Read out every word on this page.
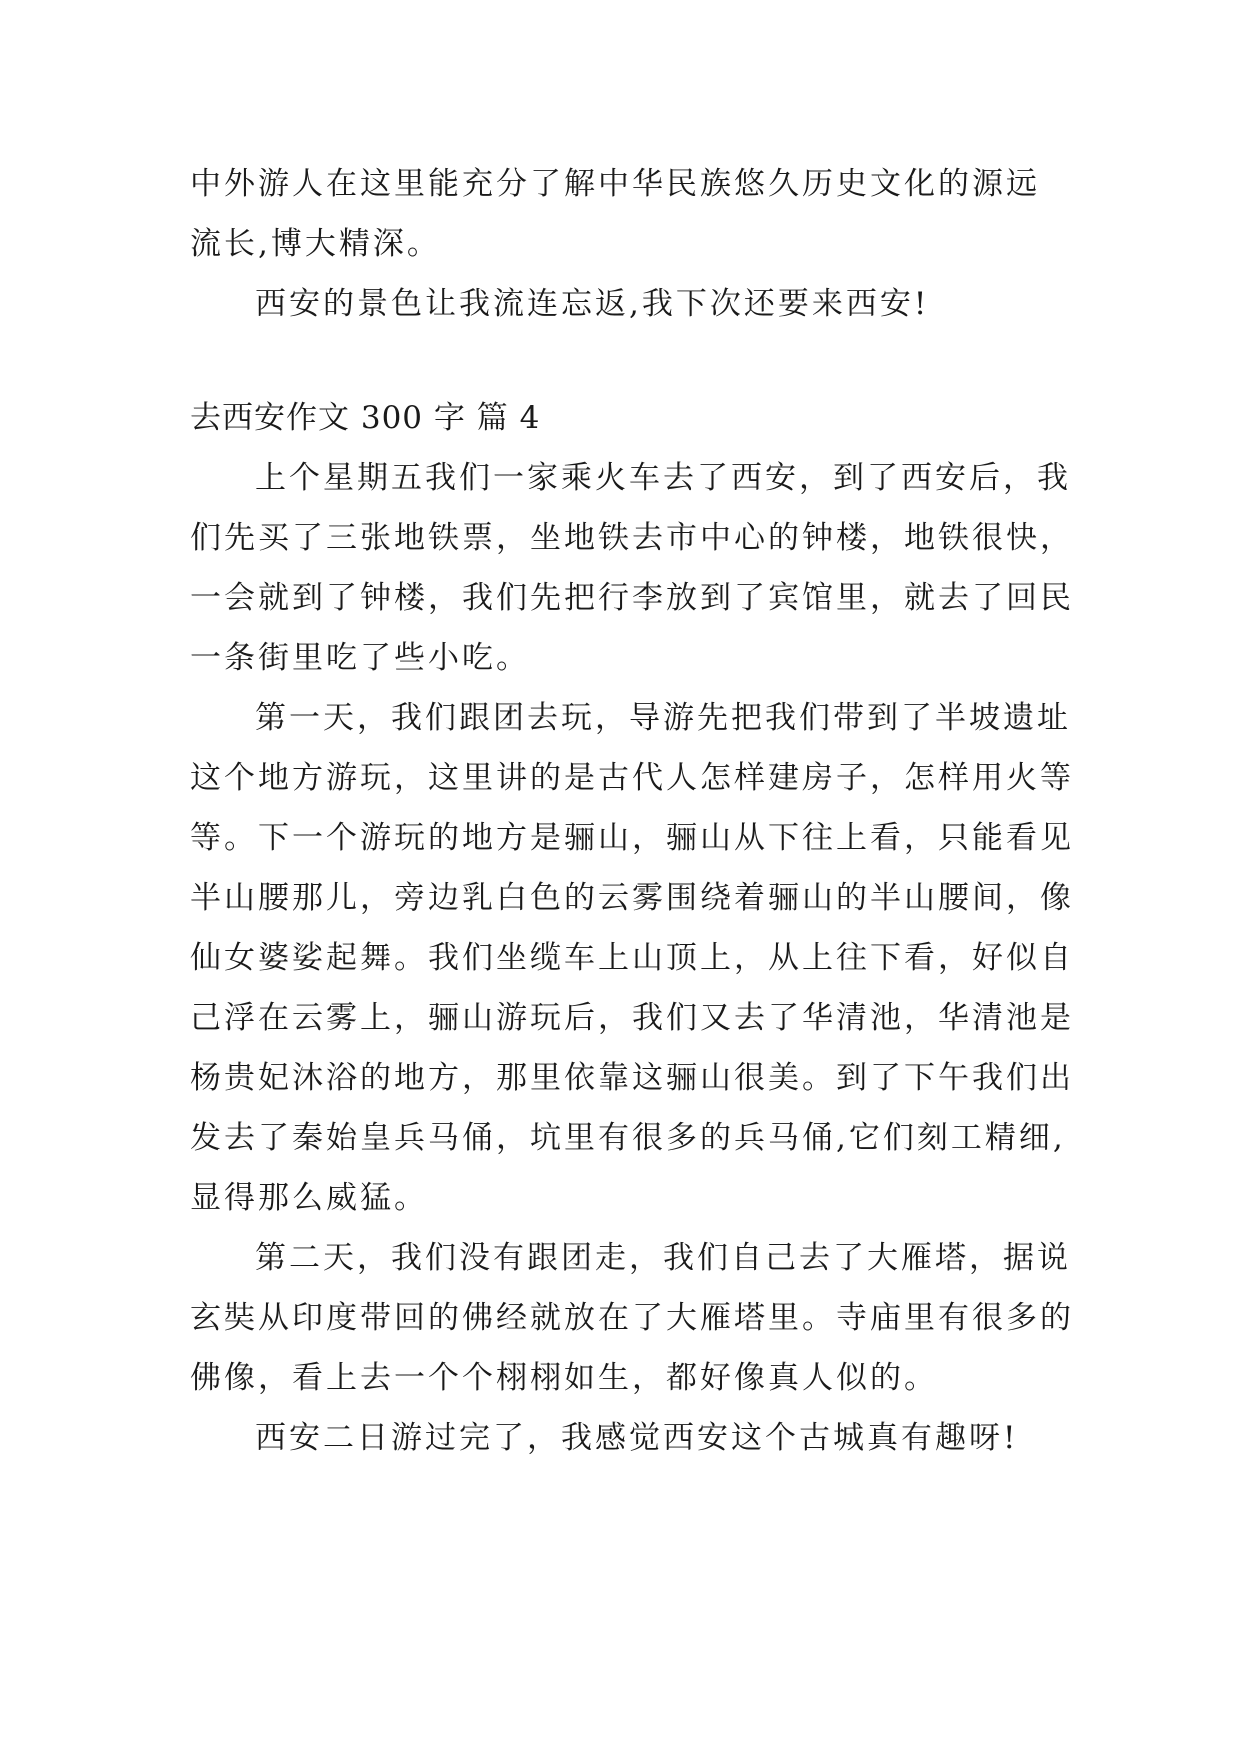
中外游人在这里能充分了解中华民族悠久历史文化的源远
流长,博大精深。
西安的景色让我流连忘返,我下次还要来西安!
去西安作文 300 字 篇 4
上个星期五我们一家乘火车去了西安，到了西安后，我
们先买了三张地铁票，坐地铁去市中心的钟楼，地铁很快，
一会就到了钟楼，我们先把行李放到了宾馆里，就去了回民
一条街里吃了些小吃。
第一天，我们跟团去玩，导游先把我们带到了半坡遗址
这个地方游玩，这里讲的是古代人怎样建房子，怎样用火等
等。下一个游玩的地方是骊山，骊山从下往上看，只能看见
半山腰那儿，旁边乳白色的云雾围绕着骊山的半山腰间，像
仙女婆娑起舞。我们坐缆车上山顶上，从上往下看，好似自
己浮在云雾上，骊山游玩后，我们又去了华清池，华清池是
杨贵妃沐浴的地方，那里依靠这骊山很美。到了下午我们出
发去了秦始皇兵马俑，坑里有很多的兵马俑,它们刻工精细,
显得那么威猛。
第二天，我们没有跟团走，我们自己去了大雁塔，据说
玄奘从印度带回的佛经就放在了大雁塔里。寺庙里有很多的
佛像，看上去一个个栩栩如生，都好像真人似的。
西安二日游过完了，我感觉西安这个古城真有趣呀!
